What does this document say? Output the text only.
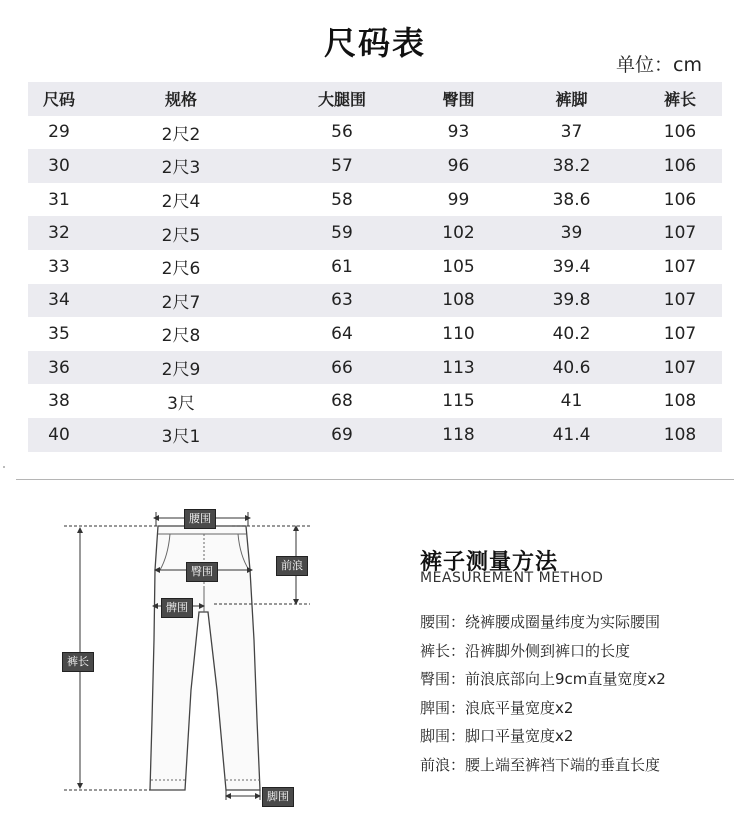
尺码表
单位：cm
尺码	规格	大腿围	臀围	裤脚	裤长
29	2尺2	56	93	37	106
30	2尺3	57	96	38.2	106
31	2尺4	58	99	38.6	106
32	2尺5	59	102	39	107
33	2尺6	61	105	39.4	107
34	2尺7	63	108	39.8	107
35	2尺8	64	110	40.2	107
36	2尺9	66	113	40.6	107
38	3尺	68	115	41	108
40	3尺1	69	118	41.4	108
腰围
臀围	前浪
髀围
裤长
脚围
裤子测量方法
MEASUREMENT METHOD
腰围：绕裤腰成圈量纬度为实际腰围
裤长：沿裤脚外侧到裤口的长度
臀围：前浪底部向上9cm直量宽度x2
脾围：浪底平量宽度x2
脚围：脚口平量宽度x2
前浪：腰上端至裤裆下端的垂直长度
